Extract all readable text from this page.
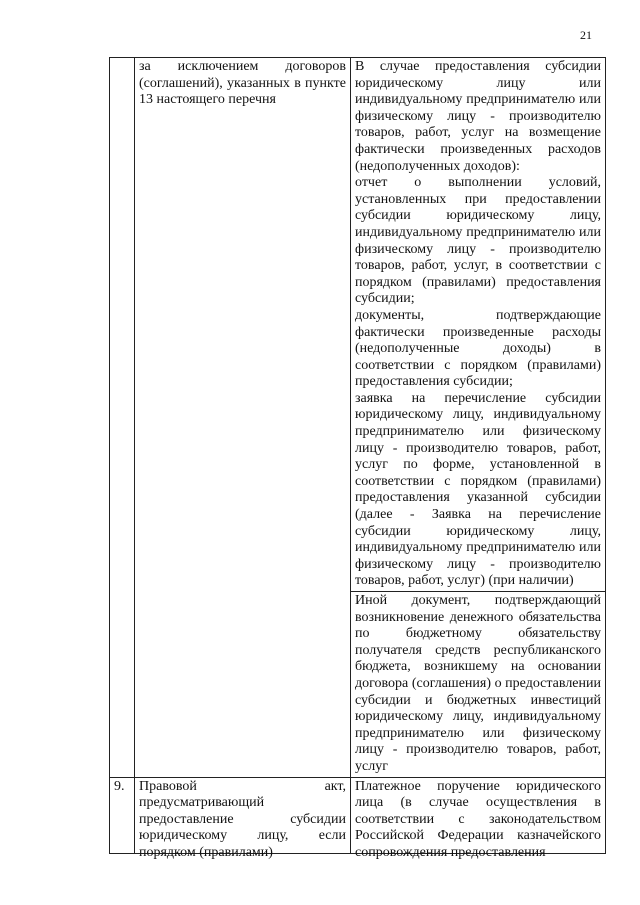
21
	за исключением договоров (соглашений), указанных в пункте 13 настоящего перечня	В случае предоставления субсидии юридическому лицу или индивидуальному предпринимателю или физическому лицу - производителю товаров, работ, услуг на возмещение фактически произведенных расходов (недополученных доходов):

отчет о выполнении условий, установленных при предоставлении субсидии юридическому лицу, индивидуальному предпринимателю или физическому лицу - производителю товаров, работ, услуг, в соответствии с порядком (правилами) предоставления субсидии;

документы, подтверждающие фактически произведенные расходы (недополученные доходы) в соответствии с порядком (правилами) предоставления субсидии;

заявка на перечисление субсидии юридическому лицу, индивидуальному предпринимателю или физическому лицу - производителю товаров, работ, услуг по форме, установленной в соответствии с порядком (правилами) предоставления указанной субсидии (далее - Заявка на перечисление субсидии юридическому лицу, индивидуальному предпринимателю или физическому лицу - производителю товаров, работ, услуг) (при наличии)

		Иной документ, подтверждающий возникновение денежного обязательства по бюджетному обязательству получателя средств республиканского бюджета, возникшему на основании договора (соглашения) о предоставлении субсидии и бюджетных инвестиций юридическому лицу, индивидуальному предпринимателю или физическому лицу - производителю товаров, работ, услуг

9.	Правовой акт, предусматривающий предоставление субсидии юридическому лицу, если порядком (правилами)	Платежное поручение юридического лица (в случае осуществления в соответствии с законодательством Российской Федерации казначейского сопровождения предоставления
